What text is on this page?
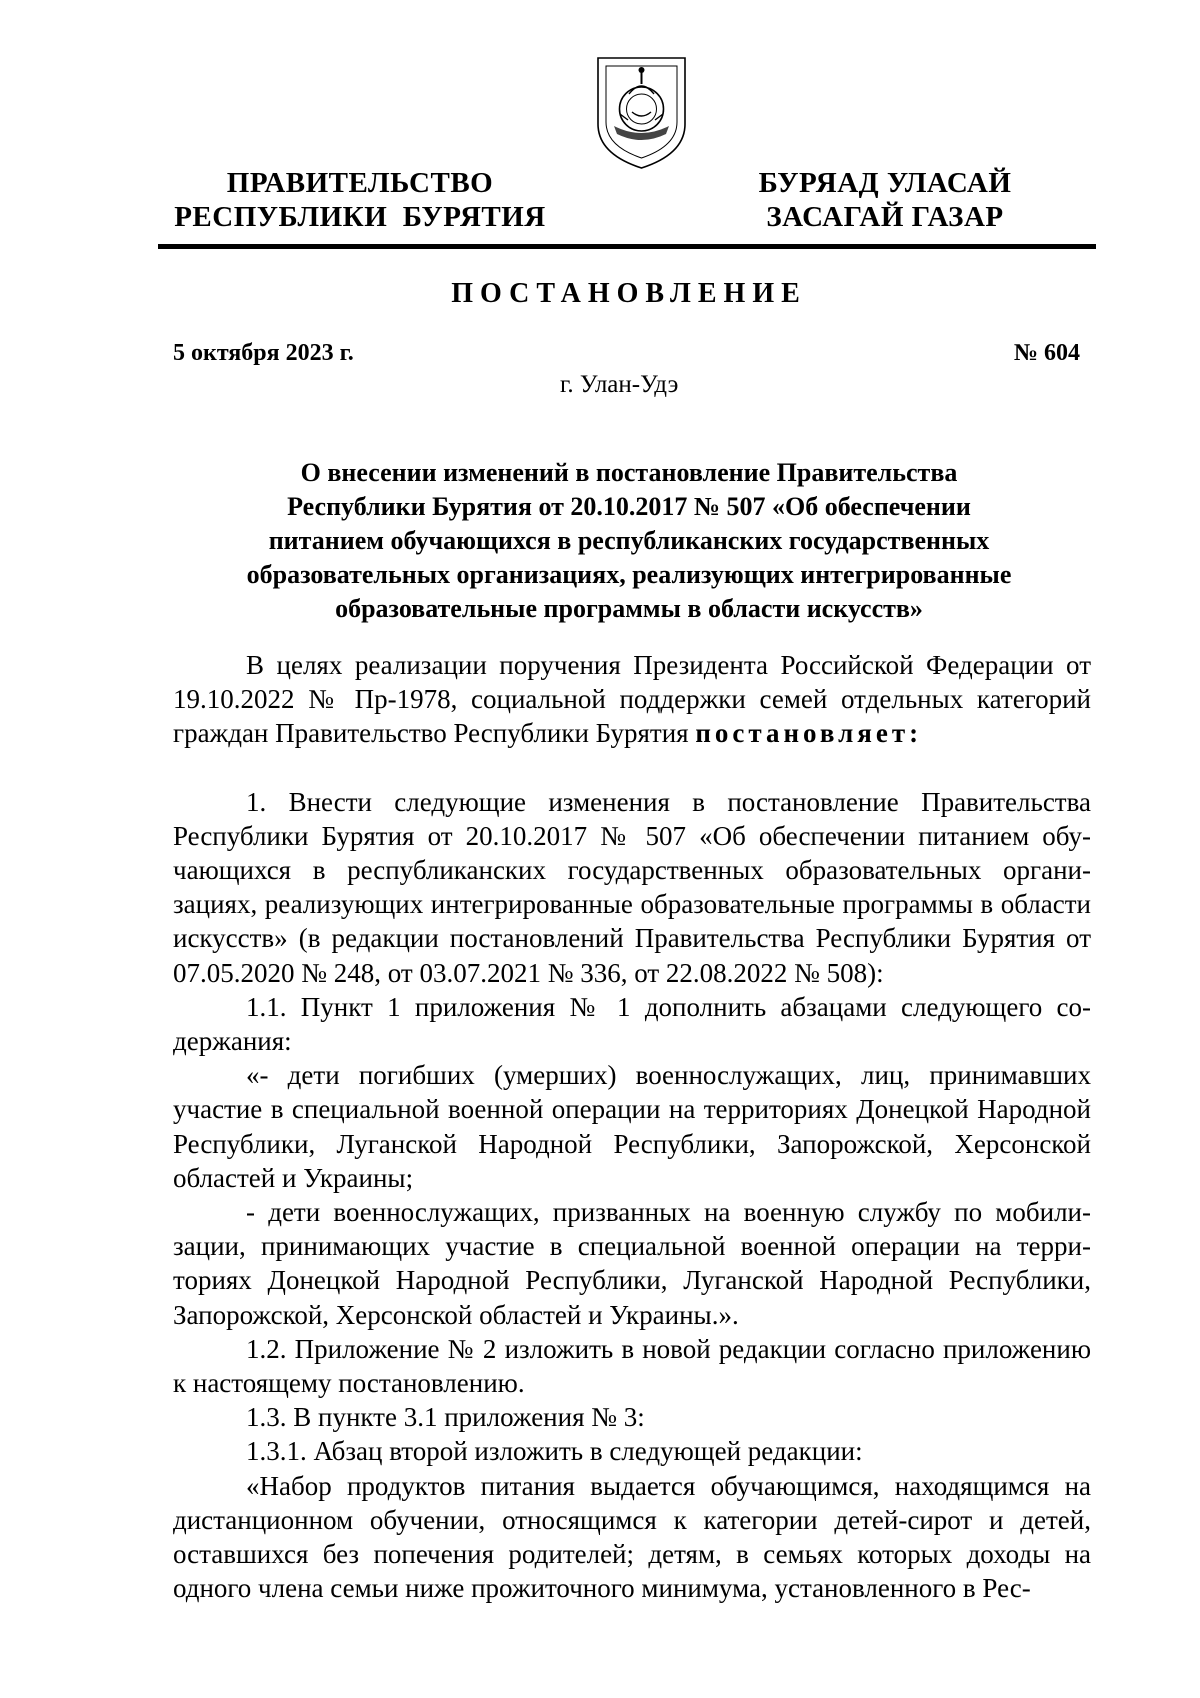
ПРАВИТЕЛЬСТВО
РЕСПУБЛИКИ  БУРЯТИЯ
БУРЯАД УЛАСАЙ
ЗАСАГАЙ ГАЗАР
ПОСТАНОВЛЕНИЕ
5 октября 2023 г.	№ 604
г. Улан-Удэ
О внесении изменений в постановление Правительства
Республики Бурятия от 20.10.2017 № 507 «Об обеспечении
питанием обучающихся в республиканских государственных
образовательных организациях, реализующих интегрированные
образовательные программы в области искусств»

В целях реализации поручения Президента Российской Федерации от 19.10.2022 № Пр-1978, социальной поддержки семей отдельных категорий граждан Правительство Республики Бурятия постановляет:

1. Внести следующие изменения в постановление Правительства Республики Бурятия от 20.10.2017 № 507 «Об обеспечении питанием обучающихся в республиканских государственных образовательных организациях, реализующих интегрированные образовательные программы в области искусств» (в редакции постановлений Правительства Республики Бурятия от 07.05.2020 № 248, от 03.07.2021 № 336, от 22.08.2022 № 508):

1.1. Пункт 1 приложения № 1 дополнить абзацами следующего содержания:

«- дети погибших (умерших) военнослужащих, лиц, принимавших участие в специальной военной операции на территориях Донецкой Народной Республики, Луганской Народной Республики, Запорожской, Херсонской областей и Украины;

- дети военнослужащих, призванных на военную службу по мобилизации, принимающих участие в специальной военной операции на территориях Донецкой Народной Республики, Луганской Народной Республики, Запорожской, Херсонской областей и Украины.».

1.2. Приложение № 2 изложить в новой редакции согласно приложению к настоящему постановлению.

1.3. В пункте 3.1 приложения № 3:

1.3.1. Абзац второй изложить в следующей редакции:

«Набор продуктов питания выдается обучающимся, находящимся на дистанционном обучении, относящимся к категории детей-сирот и детей, оставшихся без попечения родителей; детям, в семьях которых доходы на одного члена семьи ниже прожиточного минимума, установленного в Рес-
